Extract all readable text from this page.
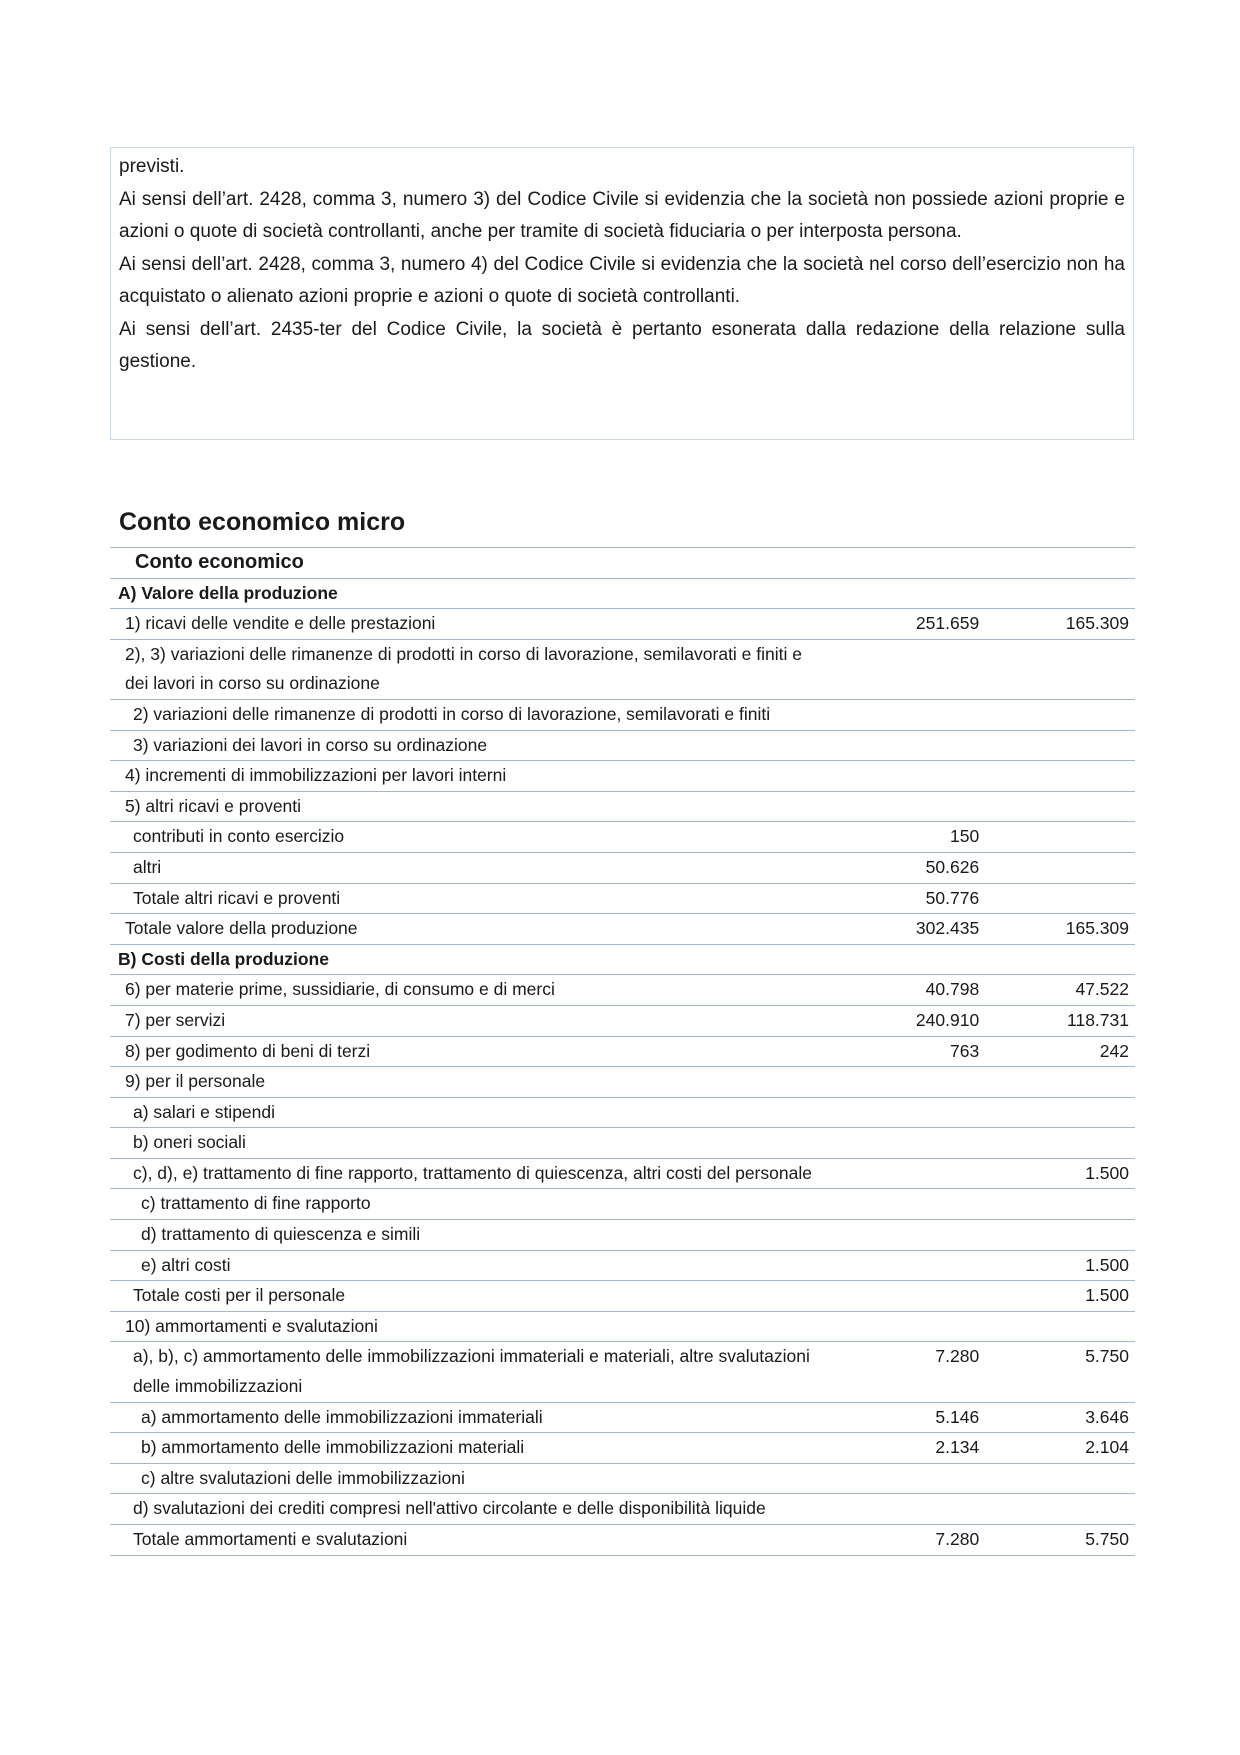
previsti.

Ai sensi dell’art. 2428, comma 3, numero 3) del Codice Civile si evidenzia che la società non possiede azioni proprie e azioni o quote di società controllanti, anche per tramite di società fiduciaria o per interposta persona.

Ai sensi dell’art. 2428, comma 3, numero 4) del Codice Civile si evidenzia che la società nel corso dell’esercizio non ha acquistato o alienato azioni proprie e azioni o quote di società controllanti.

Ai sensi dell’art. 2435-ter del Codice Civile, la società è pertanto esonerata dalla redazione della relazione sulla gestione.

Conto economico micro
Conto economico		
A) Valore della produzione		
1) ricavi delle vendite e delle prestazioni	251.659	165.309
2), 3) variazioni delle rimanenze di prodotti in corso di lavorazione, semilavorati e finiti e dei lavori in corso su ordinazione		
2) variazioni delle rimanenze di prodotti in corso di lavorazione, semilavorati e finiti		
3) variazioni dei lavori in corso su ordinazione		
4) incrementi di immobilizzazioni per lavori interni		
5) altri ricavi e proventi		
contributi in conto esercizio	150	
altri	50.626	
Totale altri ricavi e proventi	50.776	
Totale valore della produzione	302.435	165.309
B) Costi della produzione		
6) per materie prime, sussidiarie, di consumo e di merci	40.798	47.522
7) per servizi	240.910	118.731
8) per godimento di beni di terzi	763	242
9) per il personale		
a) salari e stipendi		
b) oneri sociali		
c), d), e) trattamento di fine rapporto, trattamento di quiescenza, altri costi del personale		1.500
c) trattamento di fine rapporto		
d) trattamento di quiescenza e simili		
e) altri costi		1.500
Totale costi per il personale		1.500
10) ammortamenti e svalutazioni		
a), b), c) ammortamento delle immobilizzazioni immateriali e materiali, altre svalutazioni delle immobilizzazioni	7.280	5.750
a) ammortamento delle immobilizzazioni immateriali	5.146	3.646
b) ammortamento delle immobilizzazioni materiali	2.134	2.104
c) altre svalutazioni delle immobilizzazioni		
d) svalutazioni dei crediti compresi nell'attivo circolante e delle disponibilità liquide		
Totale ammortamenti e svalutazioni	7.280	5.750
